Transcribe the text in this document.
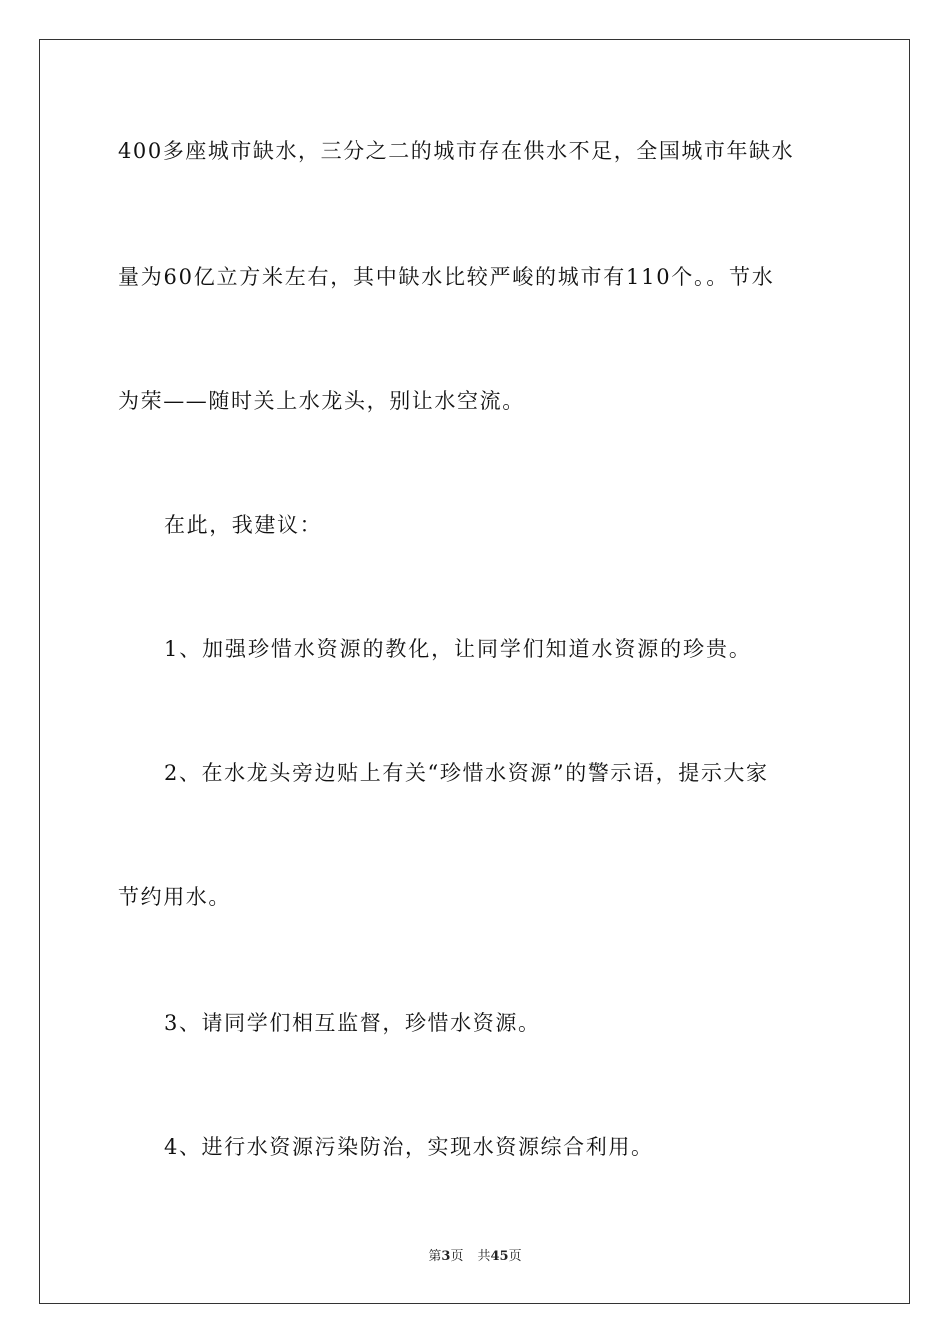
400多座城市缺水，三分之二的城市存在供水不足，全国城市年缺水
量为60亿立方米左右，其中缺水比较严峻的城市有110个。。节水
为荣——随时关上水龙头，别让水空流。
在此，我建议：
1、加强珍惜水资源的教化，让同学们知道水资源的珍贵。
2、在水龙头旁边贴上有关“珍惜水资源”的警示语，提示大家
节约用水。
3、请同学们相互监督，珍惜水资源。
4、进行水资源污染防治，实现水资源综合利用。
第3页 共45页
